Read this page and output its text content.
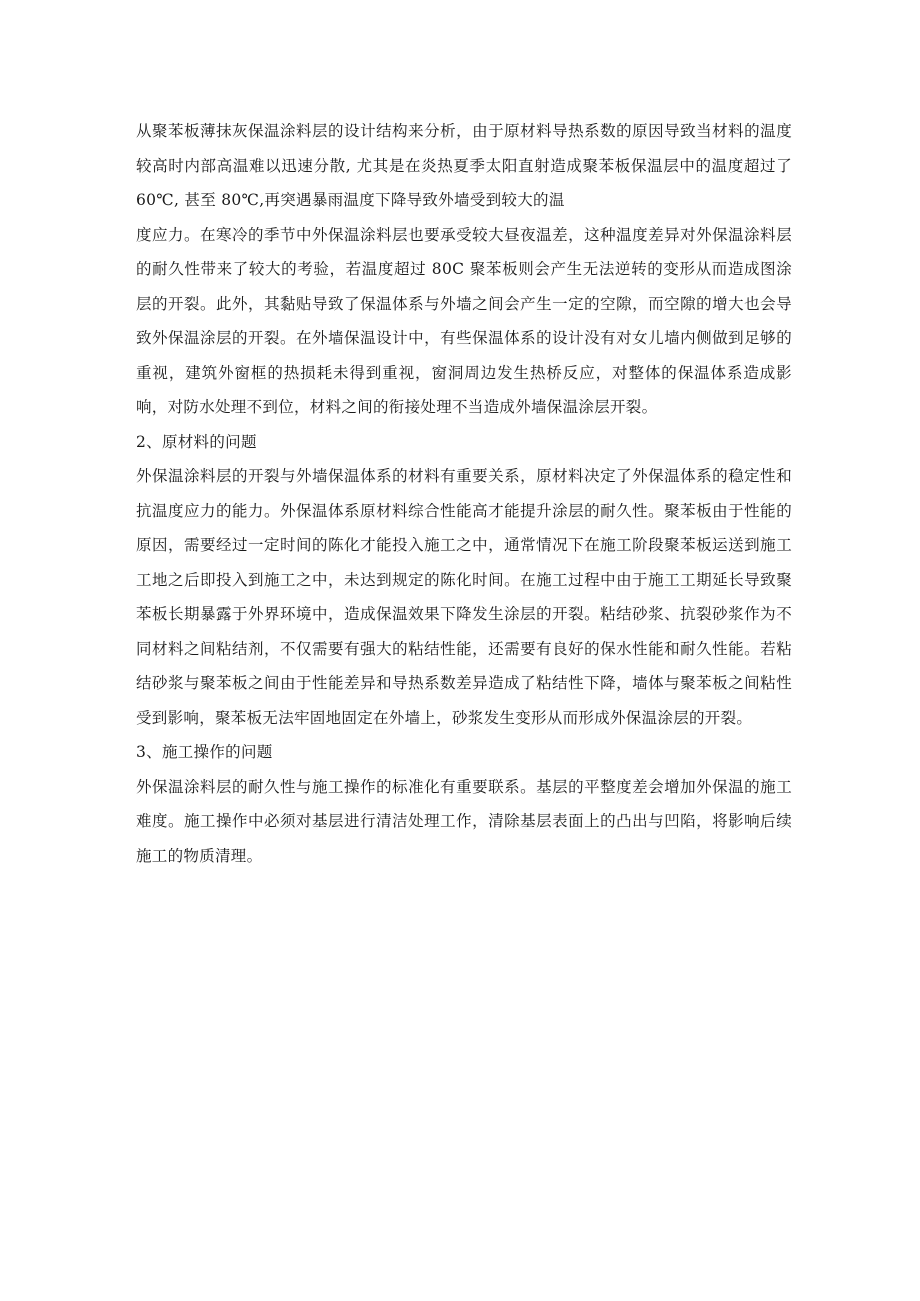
从聚苯板薄抹灰保温涂料层的设计结构来分析，由于原材料导热系数的原因导致当材料的温度较高时内部高温难以迅速分散, 尤其是在炎热夏季太阳直射造成聚苯板保温层中的温度超过了 60℃, 甚至 80℃,再突遇暴雨温度下降导致外墙受到较大的温

度应力。在寒冷的季节中外保温涂料层也要承受较大昼夜温差，这种温度差异对外保温涂料层的耐久性带来了较大的考验，若温度超过 80C 聚苯板则会产生无法逆转的变形从而造成图涂层的开裂。此外，其黏贴导致了保温体系与外墙之间会产生一定的空隙，而空隙的增大也会导致外保温涂层的开裂。在外墙保温设计中，有些保温体系的设计没有对女儿墙内侧做到足够的重视，建筑外窗框的热损耗未得到重视，窗洞周边发生热桥反应，对整体的保温体系造成影响，对防水处理不到位，材料之间的衔接处理不当造成外墙保温涂层开裂。

2、原材料的问题

外保温涂料层的开裂与外墙保温体系的材料有重要关系，原材料决定了外保温体系的稳定性和抗温度应力的能力。外保温体系原材料综合性能高才能提升涂层的耐久性。聚苯板由于性能的原因，需要经过一定时间的陈化才能投入施工之中，通常情况下在施工阶段聚苯板运送到施工工地之后即投入到施工之中，未达到规定的陈化时间。在施工过程中由于施工工期延长导致聚苯板长期暴露于外界环境中，造成保温效果下降发生涂层的开裂。粘结砂浆、抗裂砂浆作为不同材料之间粘结剂，不仅需要有强大的粘结性能，还需要有良好的保水性能和耐久性能。若粘结砂浆与聚苯板之间由于性能差异和导热系数差异造成了粘结性下降，墙体与聚苯板之间粘性受到影响，聚苯板无法牢固地固定在外墙上，砂浆发生变形从而形成外保温涂层的开裂。

3、施工操作的问题

外保温涂料层的耐久性与施工操作的标准化有重要联系。基层的平整度差会增加外保温的施工难度。施工操作中必须对基层进行清洁处理工作，清除基层表面上的凸出与凹陷，将影响后续施工的物质清理。
